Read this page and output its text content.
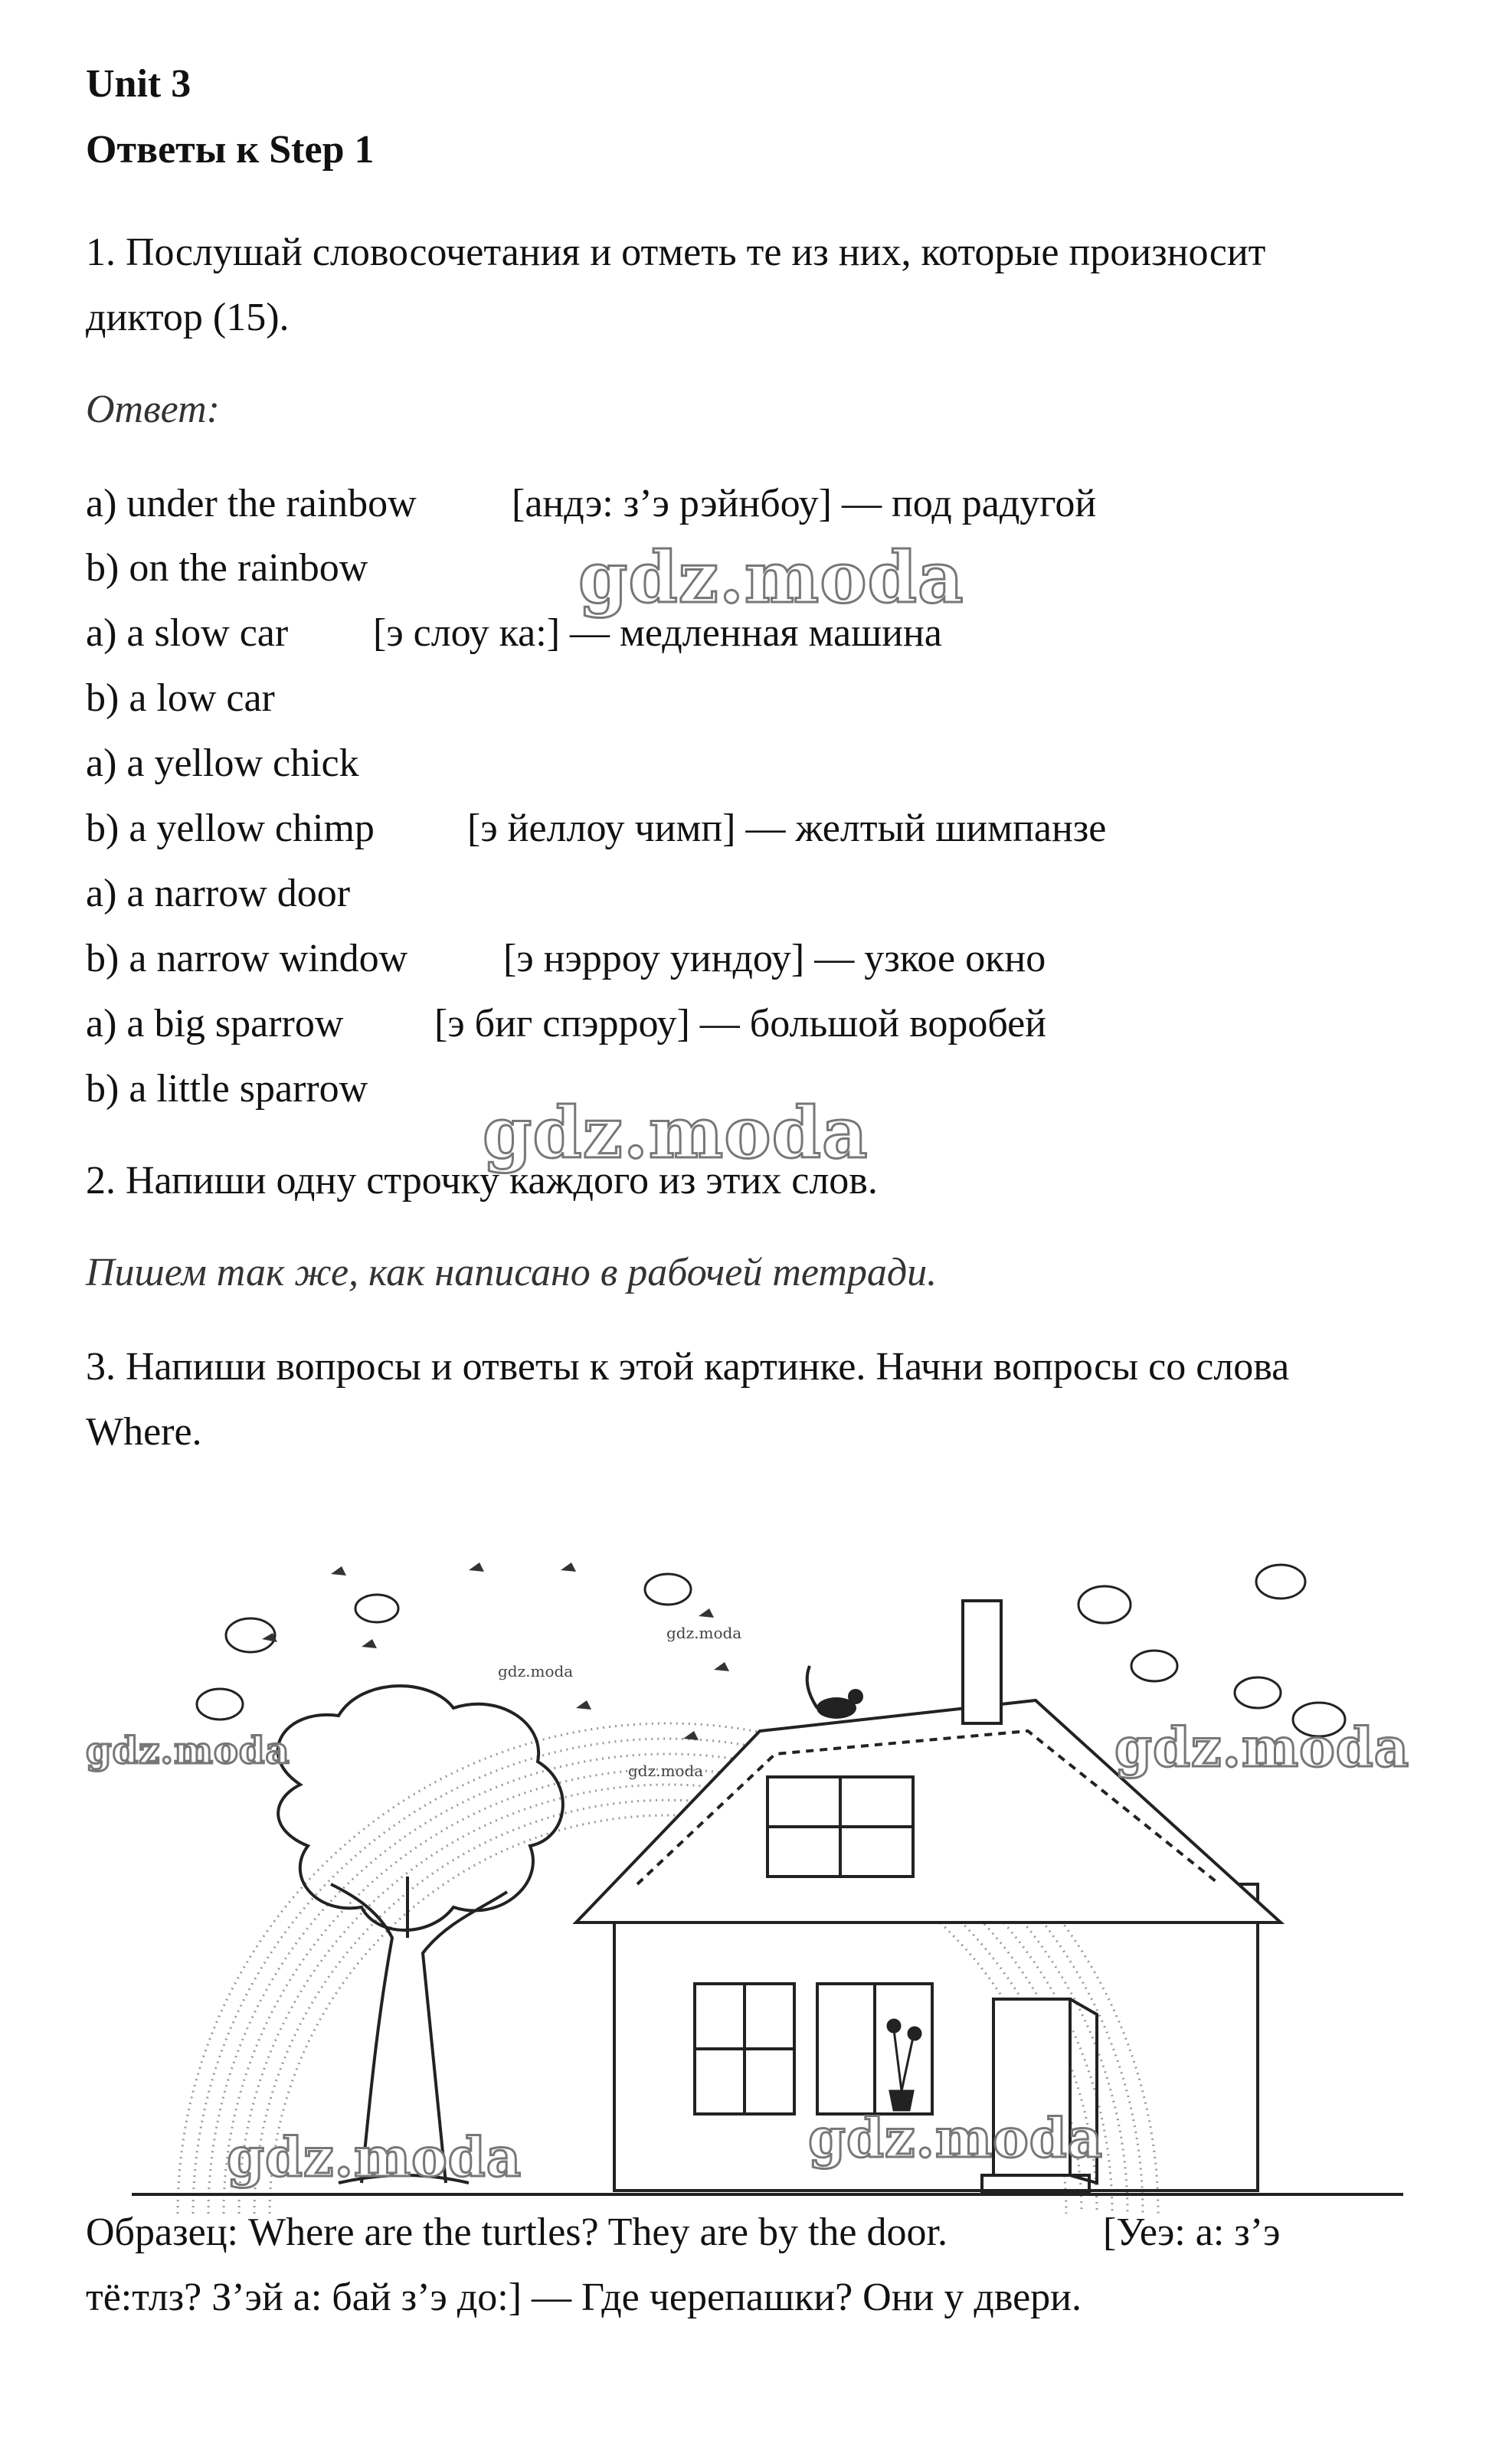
Unit 3
Ответы к Step 1
1. Послушай словосочетания и отметь те из них, которые произносит
диктор (15).
Ответ:
a) under the rainbow [андэ: з’э рэйнбоу] — под радугой
b) on the rainbow
a) a slow car [э слоу ка:] — медленная машина
b) a low car
a) a yellow chick
b) a yellow chimp [э йеллоу чимп] — желтый шимпанзе
a) a narrow door
b) a narrow window [э нэрроу уиндоу] — узкое окно
a) a big sparrow [э биг спэрроу] — большой воробей
b) a little sparrow
2. Напиши одну строчку каждого из этих слов.
Пишем так же, как написано в рабочей тетради.
3. Напиши вопросы и ответы к этой картинке. Начни вопросы со слова
Where.
Образец: Where are the turtles? They are by the door.	[Уеэ: а: з’э
тё:тлз? З’эй а: бай з’э до:] — Где черепашки? Они у двери.
gdz.moda
gdz.moda
gdz.moda	gdz.moda
gdz.moda	gdz.moda
gdz.moda
gdz.moda
gdz.moda
